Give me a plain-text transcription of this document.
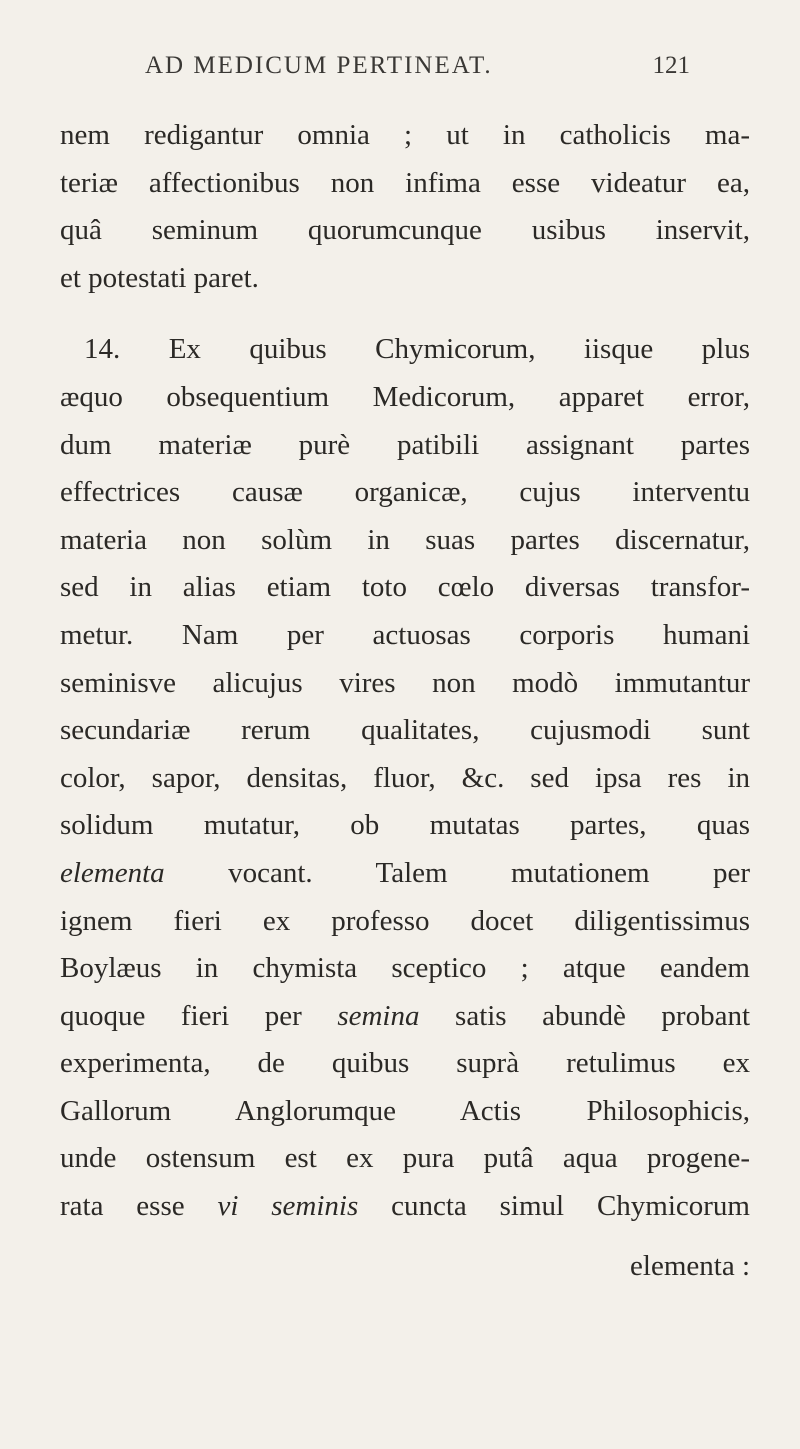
AD MEDICUM PERTINEAT.	121
nem redigantur omnia ; ut in catholicis ma-
teriæ affectionibus non infima esse videatur ea,
quâ seminum quorumcunque usibus inservit,
et potestati paret.
14. Ex quibus Chymicorum, iisque plus
æquo obsequentium Medicorum, apparet error,
dum materiæ purè patibili assignant partes
effectrices causæ organicæ, cujus interventu
materia non solùm in suas partes discernatur,
sed in alias etiam toto cœlo diversas transfor-
metur. Nam per actuosas corporis humani
seminisve alicujus vires non modò immutantur
secundariæ rerum qualitates, cujusmodi sunt
color, sapor, densitas, fluor, &c. sed ipsa res in
solidum mutatur, ob mutatas partes, quas
elementa vocant. Talem mutationem per
ignem fieri ex professo docet diligentissimus
Boylæus in chymista sceptico ; atque eandem
quoque fieri per semina satis abundè probant
experimenta, de quibus suprà retulimus ex
Gallorum Anglorumque Actis Philosophicis,
unde ostensum est ex pura putâ aqua progene-
rata esse vi seminis cuncta simul Chymicorum
elementa :
